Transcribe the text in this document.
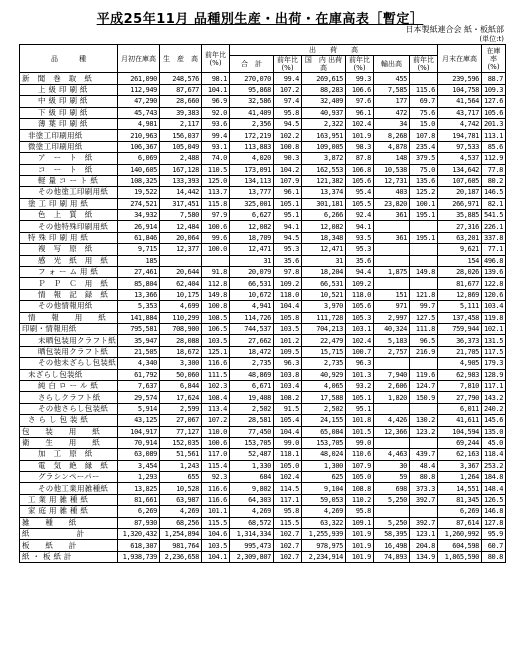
平成25年11月 品種別生産・出荷・在庫高表［暫定］
日本製紙連合会 紙・板紙部
(単位:t)
品　　　種	月初在庫高	生　産　高	前年比 (%)	出　　荷　　高						月末在庫高	在庫率 (%)
				合　計	前年比 (%)	国　内 出荷高	前年比 (%)	輸出高	前年比 (%)		
新　聞　巻　取　紙	261,090	248,576	98.1	270,070	99.4	269,615	99.3	455		239,596	88.7
上 級 印 刷 紙	112,949	87,677	104.1	95,868	107.2	88,283	106.6	7,585	115.6	104,758	109.3
中 級 印 刷 紙	47,290	28,660	96.9	32,586	97.4	32,409	97.6	177	69.7	41,564	127.6
下 級 印 刷 紙	45,743	39,383	92.0	41,409	95.8	40,937	96.1	472	75.6	43,717	105.6
薄 葉 印 刷 紙	4,981	2,117	93.6	2,356	94.5	2,322	102.4	34	15.0	4,742	201.3
非塗工印刷用紙	210,963	156,037	99.4	172,219	102.2	163,951	101.9	8,268	107.8	194,781	113.1
微塗工印刷用紙	106,367	105,049	93.1	113,883	100.8	109,005	98.3	4,878	235.4	97,533	85.6
ア　ー　ト　紙	6,069	2,488	74.0	4,020	90.3	3,872	87.8	148	379.5	4,537	112.9
コ　ー　ト　紙	140,605	167,128	110.5	173,091	104.2	162,553	106.8	10,538	75.0	134,642	77.8
軽 量 コ ー ト 紙	108,325	133,393	125.0	134,113	107.9	121,382	105.6	12,731	135.6	107,605	80.2
その他塗工印刷用紙	19,522	14,442	113.7	13,777	96.1	13,374	95.4	403	125.2	20,187	146.5
塗 工 印 刷 用 紙	274,521	317,451	115.8	325,001	105.1	301,181	105.5	23,820	100.1	266,971	82.1
色　上　質　紙	34,932	7,580	97.9	6,627	95.1	6,266	92.4	361	195.1	35,885	541.5
その他特殊印刷用紙	26,914	12,484	100.6	12,082	94.1	12,082	94.1			27,316	226.1
特 殊 印 刷 用 紙	61,846	20,064	99.6	18,709	94.5	18,348	93.5	361	195.1	63,201	337.8
複　写　原　紙	9,715	12,377	100.0	12,471	95.3	12,471	95.3			9,621	77.1
感　光　紙　用　紙	185			31	35.6	31	35.6			154	496.8
フ ォ ー ム 用 紙	27,461	20,644	91.8	20,079	97.8	18,204	94.4	1,875	149.8	28,026	139.6
Ｐ　Ｐ　Ｃ　用　紙	85,804	62,404	112.8	66,531	109.2	66,531	109.2			81,677	122.8
情　報　記　録　紙	13,366	10,175	149.8	10,672	118.0	10,521	118.0	151	121.8	12,869	120.6
その他情報用紙	5,353	4,699	100.8	4,941	104.4	3,970	105.6	971	99.7	5,111	103.4
情　　報　　用　　紙	141,884	110,299	108.5	114,726	105.8	111,728	105.3	2,997	127.5	137,458	119.8
印刷・情報用紙	795,581	708,900	106.5	744,537	103.5	704,213	103.1	40,324	111.8	759,944	102.1
未晒包装用クラフト紙	35,947	28,088	103.5	27,662	101.2	22,479	102.4	5,183	96.5	36,373	131.5
晒包装用クラフト紙	21,505	18,672	125.1	18,472	109.5	15,715	100.7	2,757	216.9	21,705	117.5
その他未ざらし包装紙	4,340	3,300	116.6	2,735	96.3	2,735	96.3			4,905	179.3
未ざらし包装紙	61,792	50,060	111.5	48,869	103.8	40,929	101.3	7,940	119.6	62,983	128.9
純 白 ロ ー ル 紙	7,637	6,844	102.3	6,671	103.4	4,065	93.2	2,606	124.7	7,810	117.1
さらしクラフト紙	29,574	17,624	108.4	19,408	108.2	17,588	105.1	1,820	150.9	27,790	143.2
その他さらし包装紙	5,914	2,599	113.4	2,502	91.5	2,502	95.1			6,011	240.2
さ ら し 包 装 紙	43,125	27,067	107.2	28,581	105.4	24,155	101.8	4,426	130.2	41,611	145.6
包　　装　　用　　紙	104,917	77,127	110.0	77,450	104.4	65,084	101.5	12,366	123.2	104,594	135.0
衛　　生　　用　　紙	70,914	152,035	100.6	153,705	99.0	153,705	99.0			69,244	45.0
加　工　原　紙	63,089	51,561	117.0	52,487	118.1	48,024	110.6	4,463	439.7	62,163	118.4
電　気　絶　縁　紙	3,454	1,243	115.4	1,330	105.0	1,300	107.9	30	48.4	3,367	253.2
グラシンペーパー	1,293	655	92.3	684	102.4	625	105.0	59	80.8	1,264	184.8
その他工業用雑種紙	13,825	10,528	116.6	9,802	114.5	9,104	108.8	698	373.3	14,551	148.4
工 業 用 雑 種 紙	81,661	63,987	116.6	64,303	117.1	59,053	110.2	5,250	392.7	81,345	126.5
家 庭 用 雑 種 紙	6,269	4,269	101.1	4,269	95.8	4,269	95.8			6,269	146.8
雑　　種　　紙	87,930	68,256	115.5	68,572	115.5	63,322	109.1	5,250	392.7	87,614	127.8
紙　　　　　　計	1,320,432	1,254,894	104.6	1,314,334	102.7	1,255,939	101.9	58,395	123.1	1,260,992	95.9
板　　紙　　計	618,307	981,764	103.5	995,473	102.7	978,975	101.9	16,498	204.8	604,598	60.7
紙 ・ 板 紙 計	1,938,739	2,236,658	104.1	2,309,807	102.7	2,234,914	101.9	74,893	134.9	1,865,590	80.8
